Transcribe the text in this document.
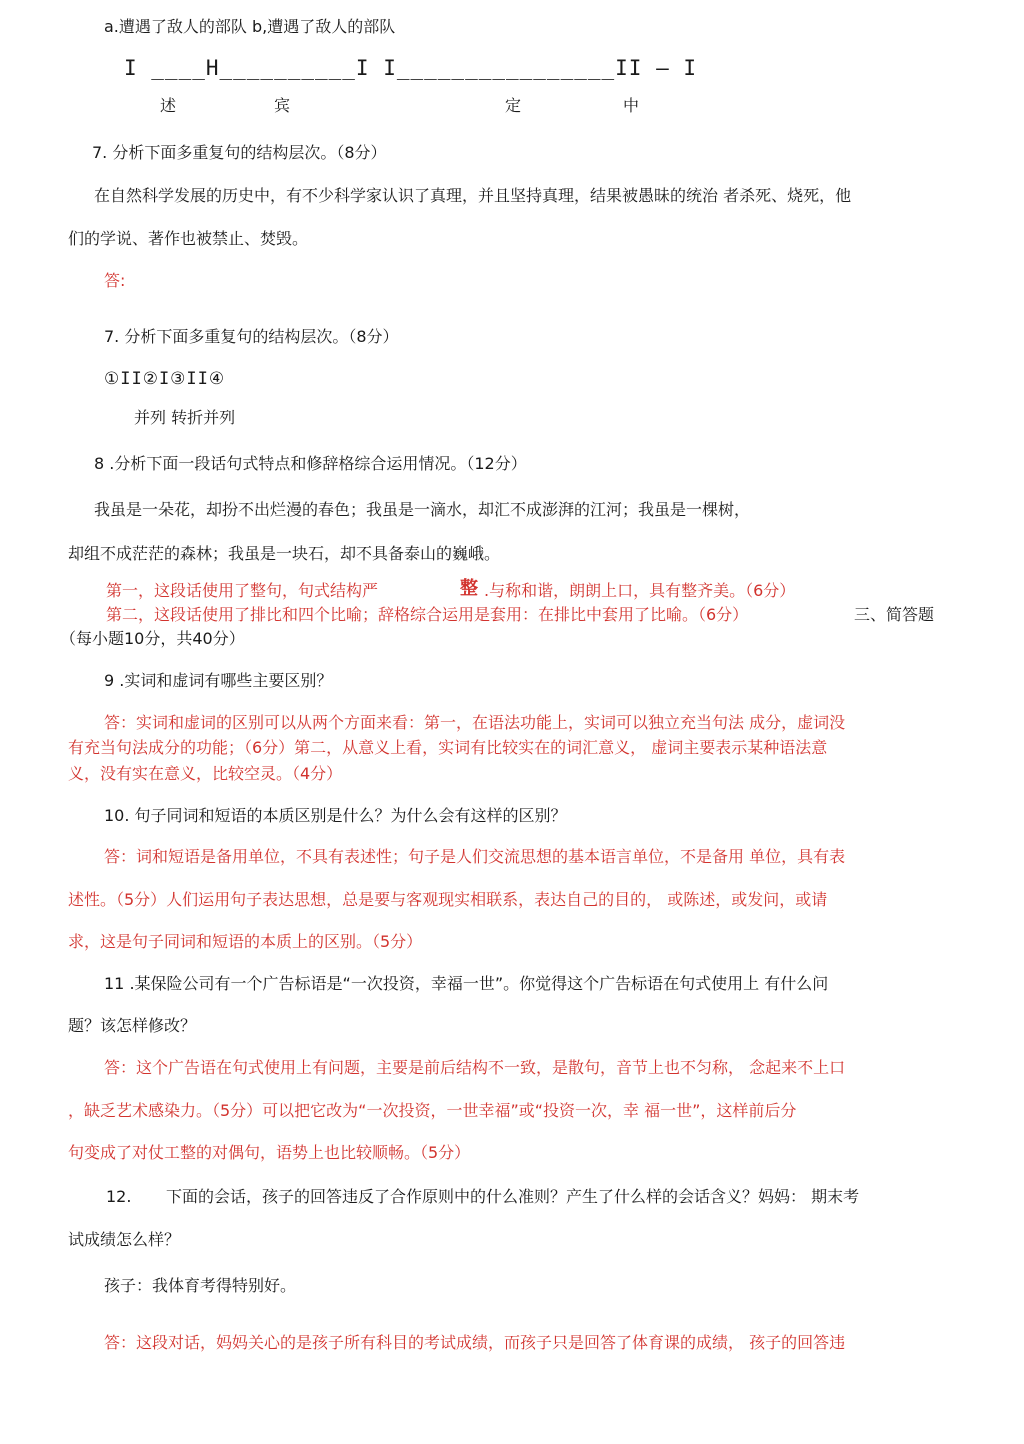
a.遭遇了敌人的部队 b,遭遇了敌人的部队
I ____H__________I I________________II — I
述	宾	定	中
7. 分析下面多重复句的结构层次。（8分）
在自然科学发展的历史中，有不少科学家认识了真理，并且坚持真理，结果被愚昧的统治 者杀死、烧死，他
们的学说、著作也被禁止、焚毁。
答:
7. 分析下面多重复句的结构层次。（8分）
①II②I③II④
并列 转折并列
8 .分析下面一段话句式特点和修辞格综合运用情况。（12分）
我虽是一朵花，却扮不出烂漫的春色；我虽是一滴水，却汇不成澎湃的江河；我虽是一棵树，
却组不成茫茫的森林；我虽是一块石，却不具备泰山的巍峨。
第一，这段话使用了整句，句式结构严	整 .与称和谐，朗朗上口，具有整齐美。（6分）
第二，这段话使用了排比和四个比喻；辞格综合运用是套用：在排比中套用了比喻。（6分）	三、简答题
（每小题10分，共40分）
9 .实词和虚词有哪些主要区别？
答：实词和虚词的区别可以从两个方面来看：第一，在语法功能上，实词可以独立充当句法 成分，虚词没
有充当句法成分的功能；（6分）第二，从意义上看，实词有比较实在的词汇意义， 虚词主要表示某种语法意
义，没有实在意义，比较空灵。（4分）
10. 句子同词和短语的本质区别是什么？为什么会有这样的区别？
答：词和短语是备用单位，不具有表述性；句子是人们交流思想的基本语言单位，不是备用 单位，具有表
述性。（5分）人们运用句子表达思想，总是要与客观现实相联系，表达自己的目的， 或陈述，或发问，或请
求，这是句子同词和短语的本质上的区别。（5分）
11 .某保险公司有一个广告标语是“一次投资，幸福一世”。你觉得这个广告标语在句式使用上 有什么问
题？该怎样修改？
答：这个广告语在句式使用上有问题，主要是前后结构不一致，是散句，音节上也不匀称， 念起来不上口
，缺乏艺术感染力。（5分）可以把它改为“一次投资，一世幸福”或“投资一次，幸 福一世”，这样前后分
句变成了对仗工整的对偶句，语势上也比较顺畅。（5分）
12. 下面的会话，孩子的回答违反了合作原则中的什么准则？产生了什么样的会话含义？妈妈： 期末考
试成绩怎么样？
孩子：我体育考得特别好。
答：这段对话，妈妈关心的是孩子所有科目的考试成绩，而孩子只是回答了体育课的成绩， 孩子的回答违
